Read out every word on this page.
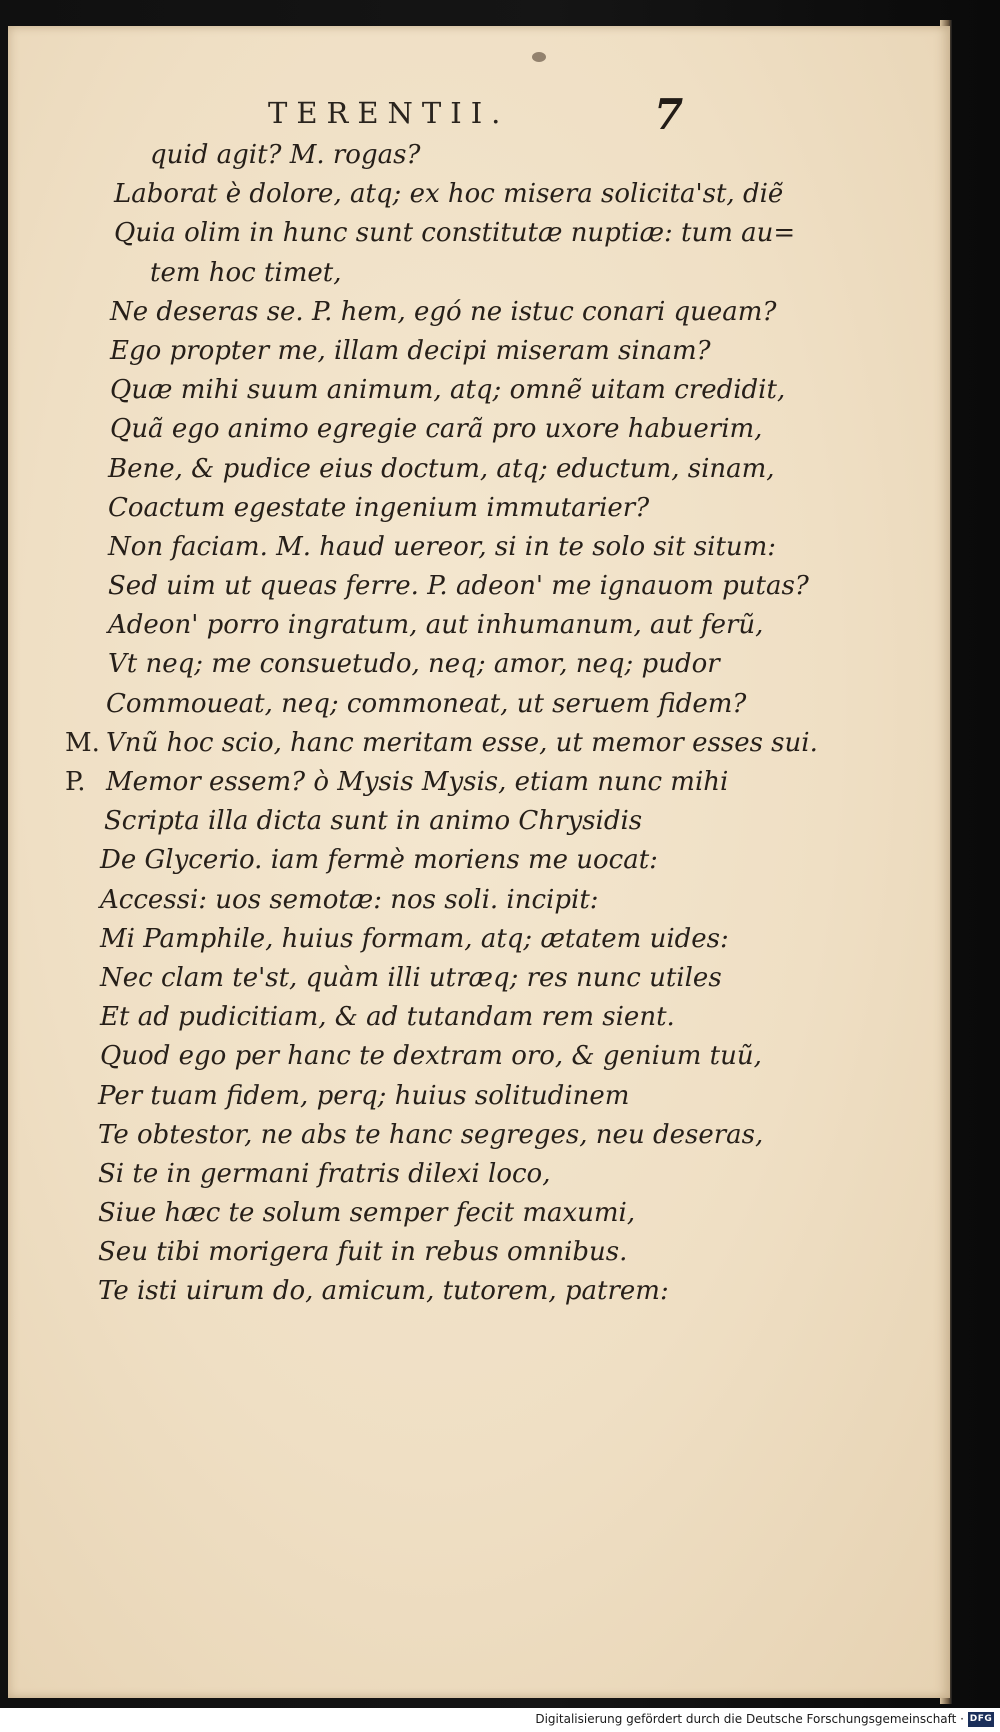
TERENTII.	7
quid agit? M. rogas?
Laborat è dolore, atq; ex hoc misera solicita'st, diẽ
Quia olim in hunc sunt constitutæ nuptiæ: tum au=
tem hoc timet,
Ne deseras se. P. hem, egó ne istuc conari queam?
Ego propter me, illam decipi miseram sinam?
Quæ mihi suum animum, atq; omnẽ uitam credidit,
Quã ego animo egregie carã pro uxore habuerim,
Bene, & pudice eius doctum, atq; eductum, sinam,
Coactum egestate ingenium immutarier?
Non faciam. M. haud uereor, si in te solo sit situm:
Sed uim ut queas ferre. P. adeon' me ignauom putas?
Adeon' porro ingratum, aut inhumanum, aut ferũ,
Vt neq; me consuetudo, neq; amor, neq; pudor
Commoueat, neq; commoneat, ut seruem fidem?
M. Vnũ hoc scio, hanc meritam esse, ut memor esses sui.
P. Memor essem? ò Mysis Mysis, etiam nunc mihi
Scripta illa dicta sunt in animo Chrysidis
De Glycerio. iam fermè moriens me uocat:
Accessi: uos semotæ: nos soli. incipit:
Mi Pamphile, huius formam, atq; ætatem uides:
Nec clam te'st, quàm illi utræq; res nunc utiles
Et ad pudicitiam, & ad tutandam rem sient.
Quod ego per hanc te dextram oro, & genium tuũ,
Per tuam fidem, perq; huius solitudinem
Te obtestor, ne abs te hanc segreges, neu deseras,
Si te in germani fratris dilexi loco,
Siue hæc te solum semper fecit maxumi,
Seu tibi morigera fuit in rebus omnibus.
Te isti uirum do, amicum, tutorem, patrem:
Digitalisierung gefördert durch die Deutsche Forschungsgemeinschaft · DFG
